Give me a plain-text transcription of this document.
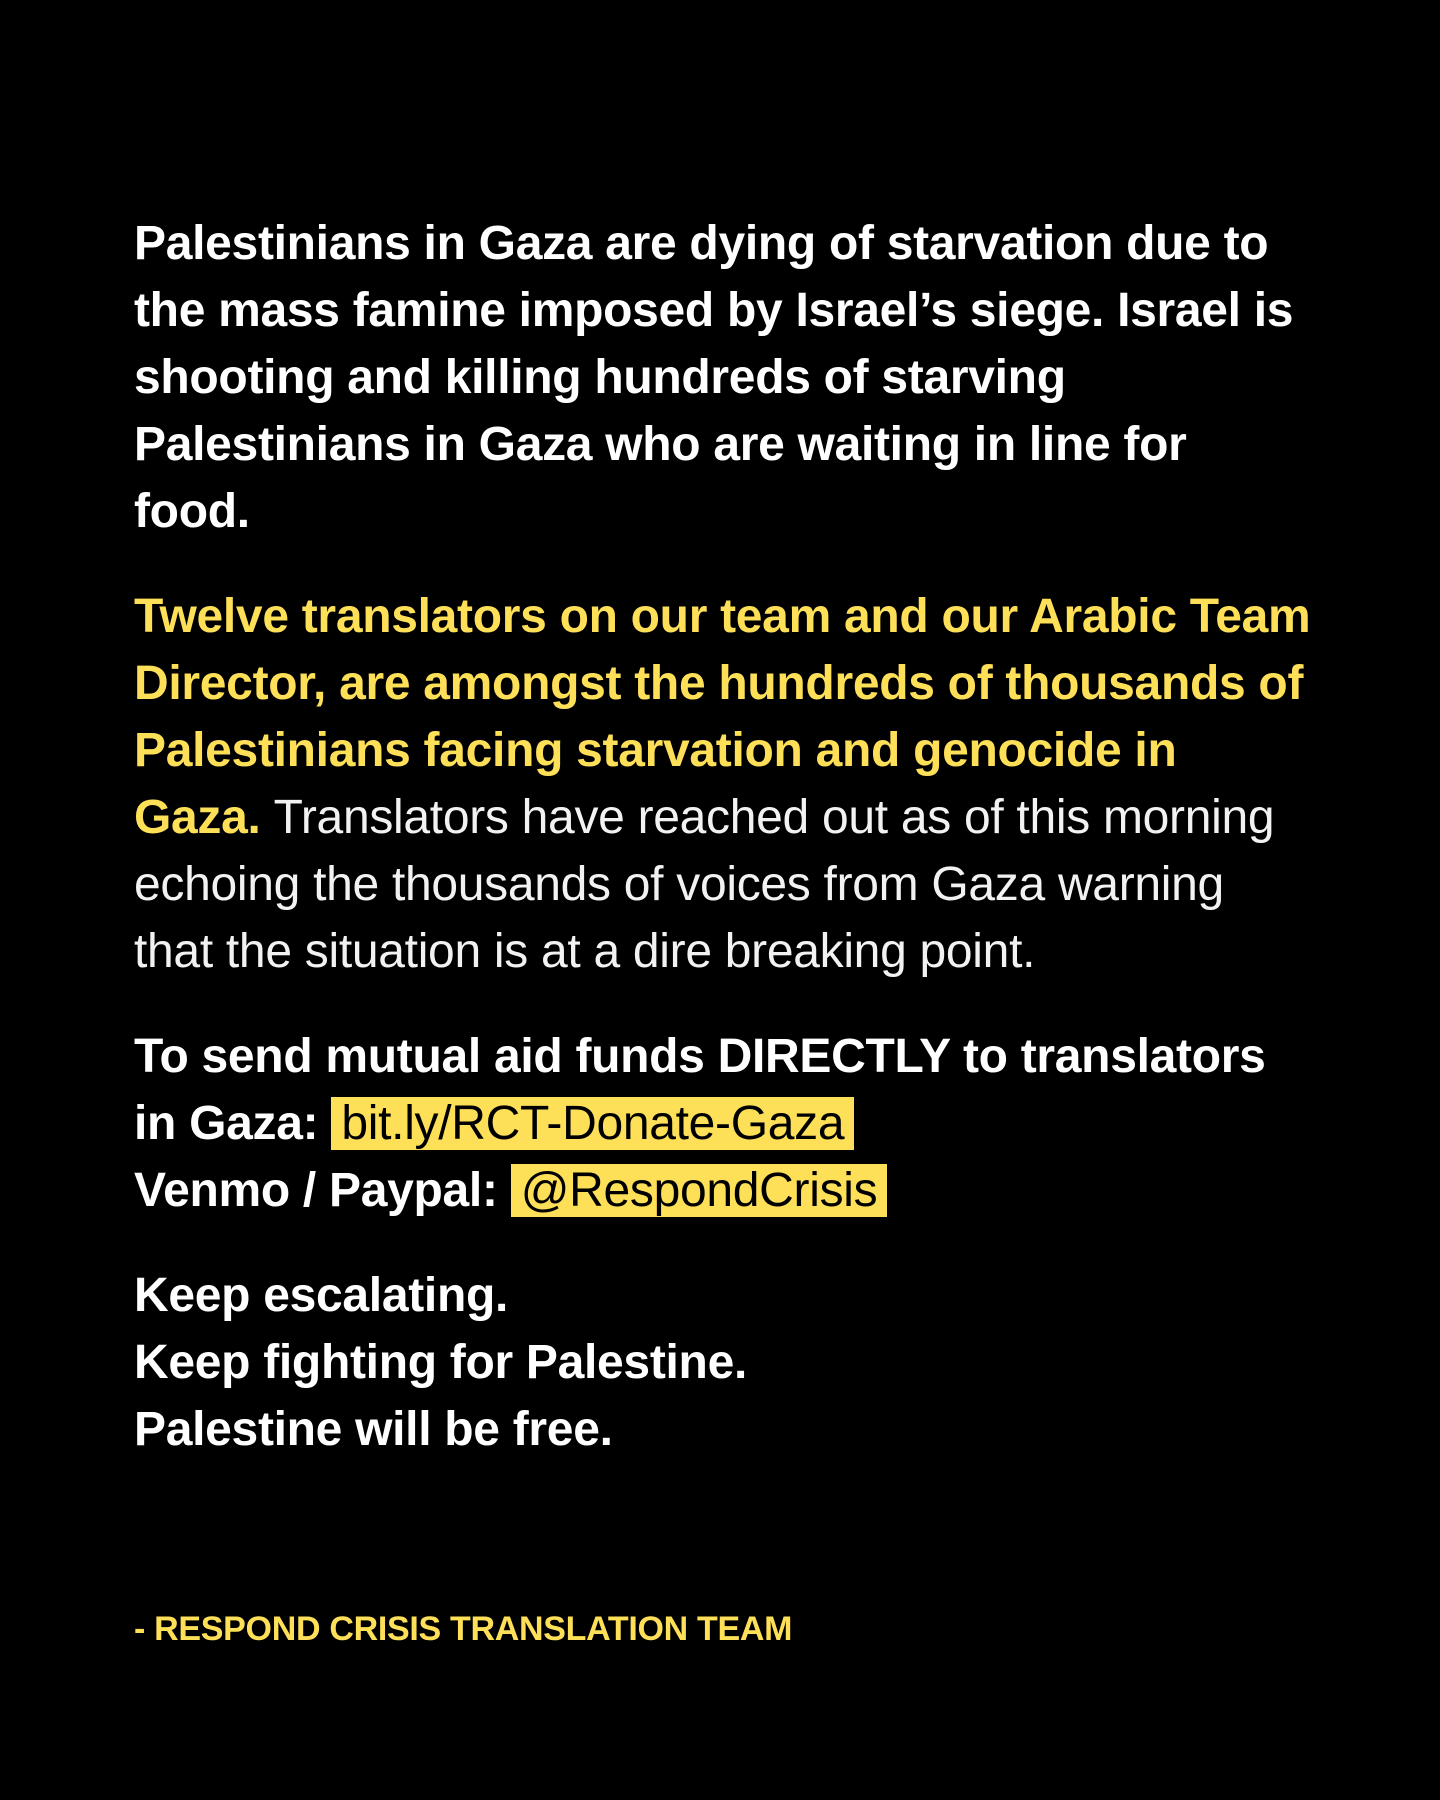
Palestinians in Gaza are dying of starvation due to the mass famine imposed by Israel’s siege. Israel is shooting and killing hundreds of starving Palestinians in Gaza who are waiting in line for food.

Twelve translators on our team and our Arabic Team Director, are amongst the hundreds of thousands of Palestinians facing starvation and genocide in Gaza. Translators have reached out as of this morning echoing the thousands of voices from Gaza warning that the situation is at a dire breaking point.

To send mutual aid funds DIRECTLY to translators in Gaza: bit.ly/RCT-Donate-Gaza
Venmo / Paypal: @RespondCrisis

Keep escalating.
Keep fighting for Palestine.
Palestine will be free.

- RESPOND CRISIS TRANSLATION TEAM
